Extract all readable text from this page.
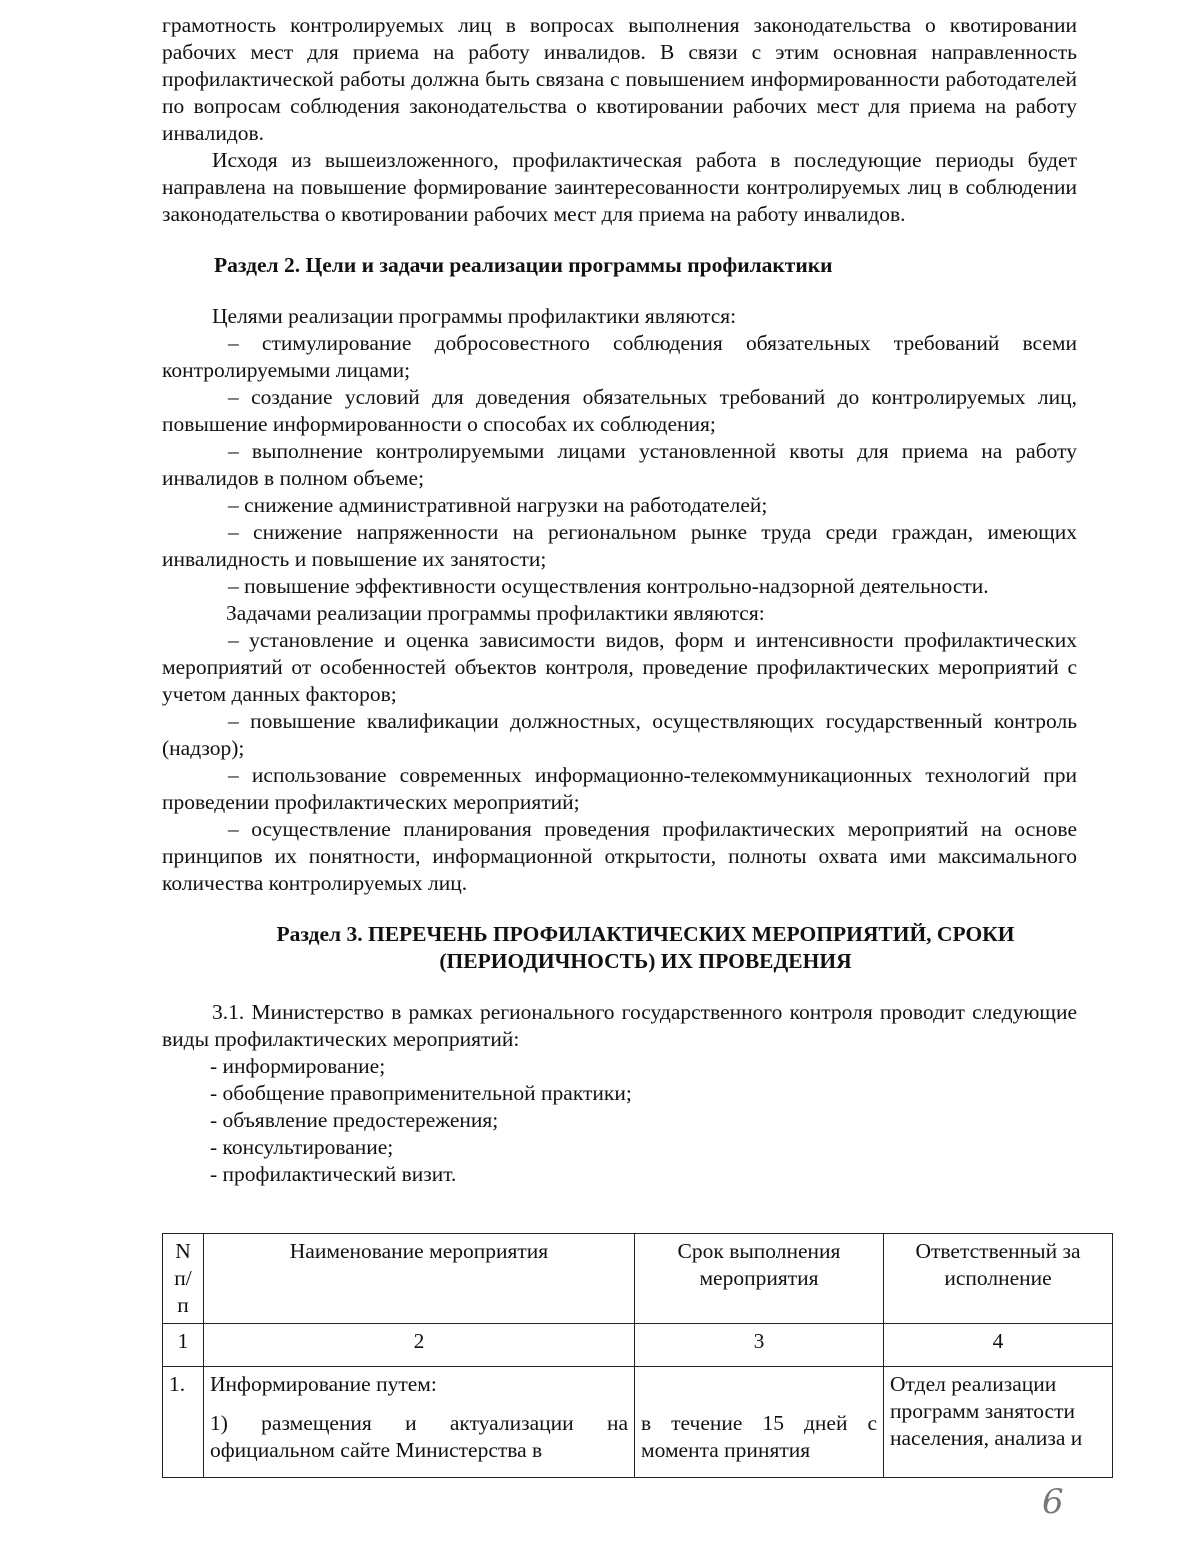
грамотность контролируемых лиц в вопросах выполнения законодательства о квотировании рабочих мест для приема на работу инвалидов. В связи с этим основная направленность профилактической работы должна быть связана с повышением информированности работодателей по вопросам соблюдения законодательства о квотировании рабочих мест для приема на работу инвалидов.

Исходя из вышеизложенного, профилактическая работа в последующие периоды будет направлена на повышение формирование заинтересованности контролируемых лиц в соблюдении законодательства о квотировании рабочих мест для приема на работу инвалидов.

Раздел 2. Цели и задачи реализации программы профилактики

Целями реализации программы профилактики являются:

– стимулирование добросовестного соблюдения обязательных требований всеми контролируемыми лицами;

– создание условий для доведения обязательных требований до контролируемых лиц, повышение информированности о способах их соблюдения;

– выполнение контролируемыми лицами установленной квоты для приема на работу инвалидов в полном объеме;

– снижение административной нагрузки на работодателей;

– снижение напряженности на региональном рынке труда среди граждан, имеющих инвалидность и повышение их занятости;

– повышение эффективности осуществления контрольно-надзорной деятельности.

Задачами реализации программы профилактики являются:

– установление и оценка зависимости видов, форм и интенсивности профилактических мероприятий от особенностей объектов контроля, проведение профилактических мероприятий с учетом данных факторов;

– повышение квалификации должностных, осуществляющих государственный контроль (надзор);

– использование современных информационно-телекоммуникационных технологий при проведении профилактических мероприятий;

– осуществление планирования проведения профилактических мероприятий на основе принципов их понятности, информационной открытости, полноты охвата ими максимального количества контролируемых лиц.

Раздел 3. ПЕРЕЧЕНЬ ПРОФИЛАКТИЧЕСКИХ МЕРОПРИЯТИЙ, СРОКИ
(ПЕРИОДИЧНОСТЬ) ИХ ПРОВЕДЕНИЯ

3.1. Министерство в рамках регионального государственного контроля проводит следующие виды профилактических мероприятий:

- информирование;

- обобщение правоприменительной практики;

- объявление предостережения;

- консультирование;

- профилактический визит.

N п/п	Наименование мероприятия	Срок выполнения мероприятия	Ответственный за исполнение
1	2	3	4
1.	Информирование путем:
1) размещения и актуализации на официальном сайте Министерства в	в течение 15 дней с момента принятия	Отдел реализации программ занятости населения, анализа и
6
